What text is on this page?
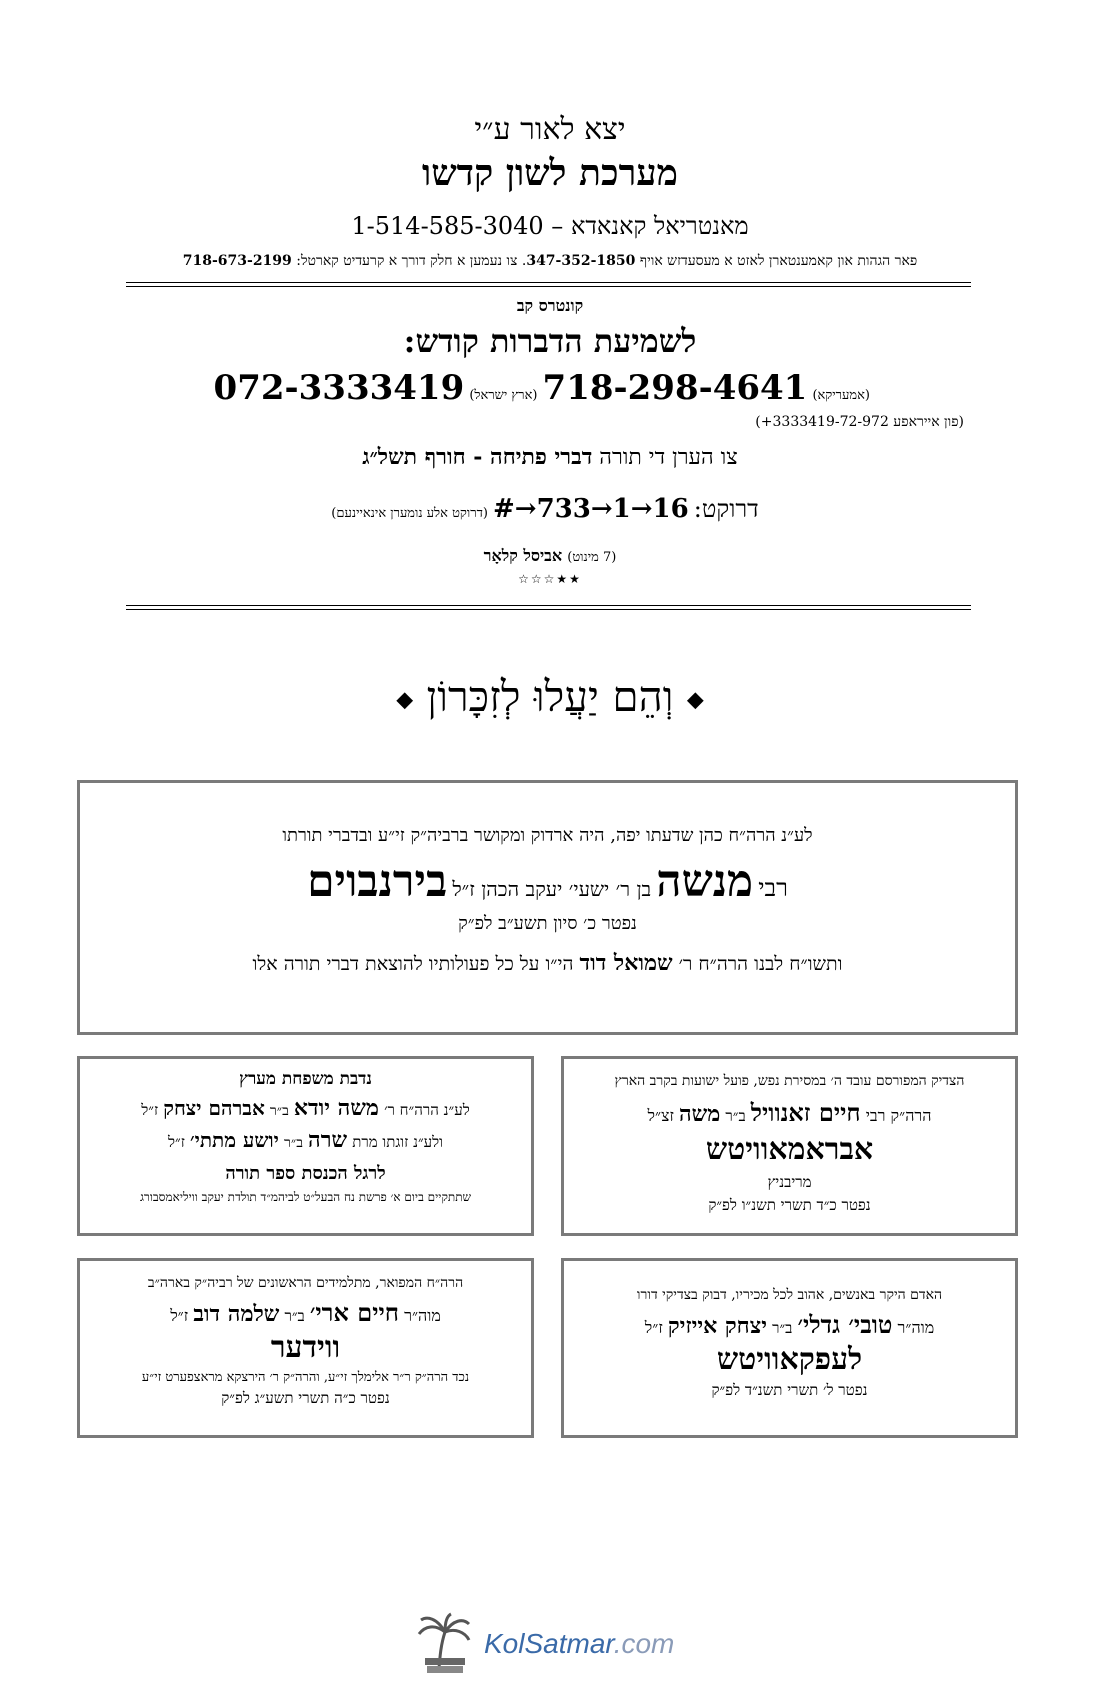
יצא לאור ע״י
מערכת לשון קדשו
מאנטריאל קאנאדא – 1-514-585-3040
פאר הגהות און קאמענטארן לאזט א מעסעדזש אויף 347-352-1850. צו נעמען א חלק דורך א קרעדיט קארטל: 718-673-2199
קונטרס קב
לשמיעת הדברות קודש:
(אמעריקא) 718-298-4641 (ארץ ישראל) 072-3333419
(פון אייראפע 3333419-72-972+)
צו הערן די תורה דברי פתיחה - חורף תשל״ג
דרוקט: #→733→1→16 (דרוקט אלע נומערן אינאיינעם)
(7 מינוט) אביסל קלאָר
★★☆☆☆
◆ וְהֵם יַעֲלוּ לְזִכָּרוֹן ◆
לע״נ הרה״ח כהן שדעתו יפה, היה ארדוק ומקושר ברביה״ק זי״ע ובדברי תורתו
רבי מנשה בן ר׳ ישעי׳ יעקב הכהן ז״ל בירנבוים
נפטר כ׳ סיון תשע״ב לפ״ק
ותשו״ח לבנו הרה״ח ר׳ שמואל דוד הי״ו על כל פעולותיו להוצאת דברי תורה אלו
הצדיק המפורסם עובד ה׳ במסירת נפש, פועל ישועות בקרב הארץ
הרה״ק רבי חיים זאנוויל ב״ר משה זצ״ל
אבראמאוויטש
מריבניץ
נפטר כ״ד תשרי תשנ״ו לפ״ק
נדבת משפחת מערץ
לע״נ הרה״ח ר׳ משה יודא ב״ר אברהם יצחק ז״ל
ולע״נ זוגתו מרת שרה ב״ר יושע מתתי׳ ז״ל
לרגל הכנסת ספר תורה
שתתקיים ביום א׳ פרשת נח הבעל״ט לביהמ״ד תולדת יעקב וויליאמסבורג
האדם היקר באנשים, אהוב לכל מכיריו, דבוק בצדיקי דורו
מוה״ר טובי׳ גדלי׳ ב״ר יצחק אייזיק ז״ל
לעפקאוויטש
נפטר ל׳ תשרי תשנ״ד לפ״ק
הרה״ח המפואר, מתלמידים הראשונים של רביה״ק בארה״ב
מוה״ר חיים ארי׳ ב״ר שלמה דוב ז״ל
ווידער
נכד הרה״ק ר״ר אלימלך זי״ע, והרה״ק ר׳ הירצקא מראצפערט זי״ע
נפטר כ״ה תשרי תשע״ג לפ״ק
KolSatmar.com
